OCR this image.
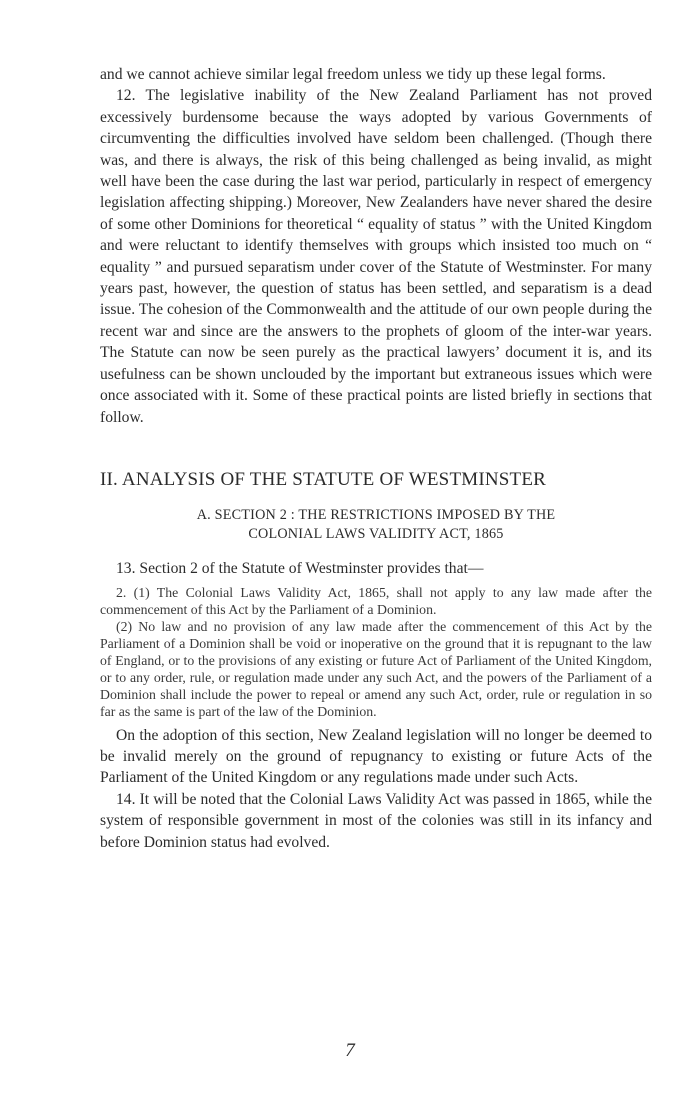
and we cannot achieve similar legal freedom unless we tidy up these legal forms.

12. The legislative inability of the New Zealand Parliament has not proved excessively burdensome because the ways adopted by various Governments of circumventing the difficulties involved have seldom been challenged. (Though there was, and there is always, the risk of this being challenged as being invalid, as might well have been the case during the last war period, particularly in respect of emergency legislation affecting shipping.) Moreover, New Zealanders have never shared the desire of some other Dominions for theoretical “ equality of status ” with the United Kingdom and were reluctant to identify themselves with groups which insisted too much on “ equality ” and pursued separatism under cover of the Statute of Westminster. For many years past, however, the question of status has been settled, and separatism is a dead issue. The cohesion of the Commonwealth and the attitude of our own people during the recent war and since are the answers to the prophets of gloom of the inter-war years. The Statute can now be seen purely as the practical lawyers’ document it is, and its usefulness can be shown unclouded by the important but extraneous issues which were once associated with it. Some of these practical points are listed briefly in sections that follow.

II. ANALYSIS OF THE STATUTE OF WESTMINSTER

A. SECTION 2 : THE RESTRICTIONS IMPOSED BY THE
COLONIAL LAWS VALIDITY ACT, 1865

13. Section 2 of the Statute of Westminster provides that—

2. (1) The Colonial Laws Validity Act, 1865, shall not apply to any law made after the commencement of this Act by the Parliament of a Dominion.

(2) No law and no provision of any law made after the commencement of this Act by the Parliament of a Dominion shall be void or inoperative on the ground that it is repugnant to the law of England, or to the provisions of any existing or future Act of Parliament of the United Kingdom, or to any order, rule, or regulation made under any such Act, and the powers of the Parliament of a Dominion shall include the power to repeal or amend any such Act, order, rule or regulation in so far as the same is part of the law of the Dominion.

On the adoption of this section, New Zealand legislation will no longer be deemed to be invalid merely on the ground of repugnancy to existing or future Acts of the Parliament of the United Kingdom or any regulations made under such Acts.

14. It will be noted that the Colonial Laws Validity Act was passed in 1865, while the system of responsible government in most of the colonies was still in its infancy and before Dominion status had evolved.

7
